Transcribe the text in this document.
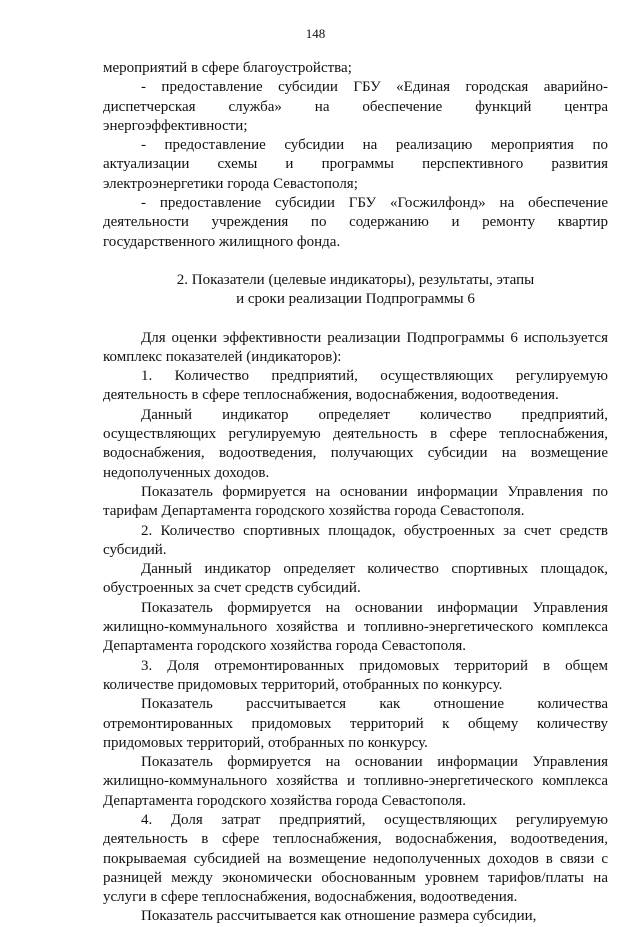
148

мероприятий в сфере благоустройства;

- предоставление субсидии ГБУ «Единая городская аварийно-диспетчерская служба» на обеспечение функций центра энергоэффективности;

- предоставление субсидии на реализацию мероприятия по актуализации схемы и программы перспективного развития электроэнергетики города Севастополя;

- предоставление субсидии ГБУ «Госжилфонд» на обеспечение деятельности учреждения по содержанию и ремонту квартир государственного жилищного фонда.

2. Показатели (целевые индикаторы), результаты, этапы
и сроки реализации Подпрограммы 6

Для оценки эффективности реализации Подпрограммы 6 используется комплекс показателей (индикаторов):

1. Количество предприятий, осуществляющих регулируемую деятельность в сфере теплоснабжения, водоснабжения, водоотведения.

Данный индикатор определяет количество предприятий, осуществляющих регулируемую деятельность в сфере теплоснабжения, водоснабжения, водоотведения, получающих субсидии на возмещение недополученных доходов.

Показатель формируется на основании информации Управления по тарифам Департамента городского хозяйства города Севастополя.

2. Количество спортивных площадок, обустроенных за счет средств субсидий.

Данный индикатор определяет количество спортивных площадок, обустроенных за счет средств субсидий.

Показатель формируется на основании информации Управления жилищно-коммунального хозяйства и топливно-энергетического комплекса Департамента городского хозяйства города Севастополя.

3. Доля отремонтированных придомовых территорий в общем количестве придомовых территорий, отобранных по конкурсу.

Показатель рассчитывается как отношение количества отремонтированных придомовых территорий к общему количеству придомовых территорий, отобранных по конкурсу.

Показатель формируется на основании информации Управления жилищно-коммунального хозяйства и топливно-энергетического комплекса Департамента городского хозяйства города Севастополя.

4. Доля затрат предприятий, осуществляющих регулируемую деятельность в сфере теплоснабжения, водоснабжения, водоотведения, покрываемая субсидией на возмещение недополученных доходов в связи с разницей между экономически обоснованным уровнем тарифов/платы на услуги в сфере теплоснабжения, водоснабжения, водоотведения.

Показатель рассчитывается как отношение размера субсидии,
